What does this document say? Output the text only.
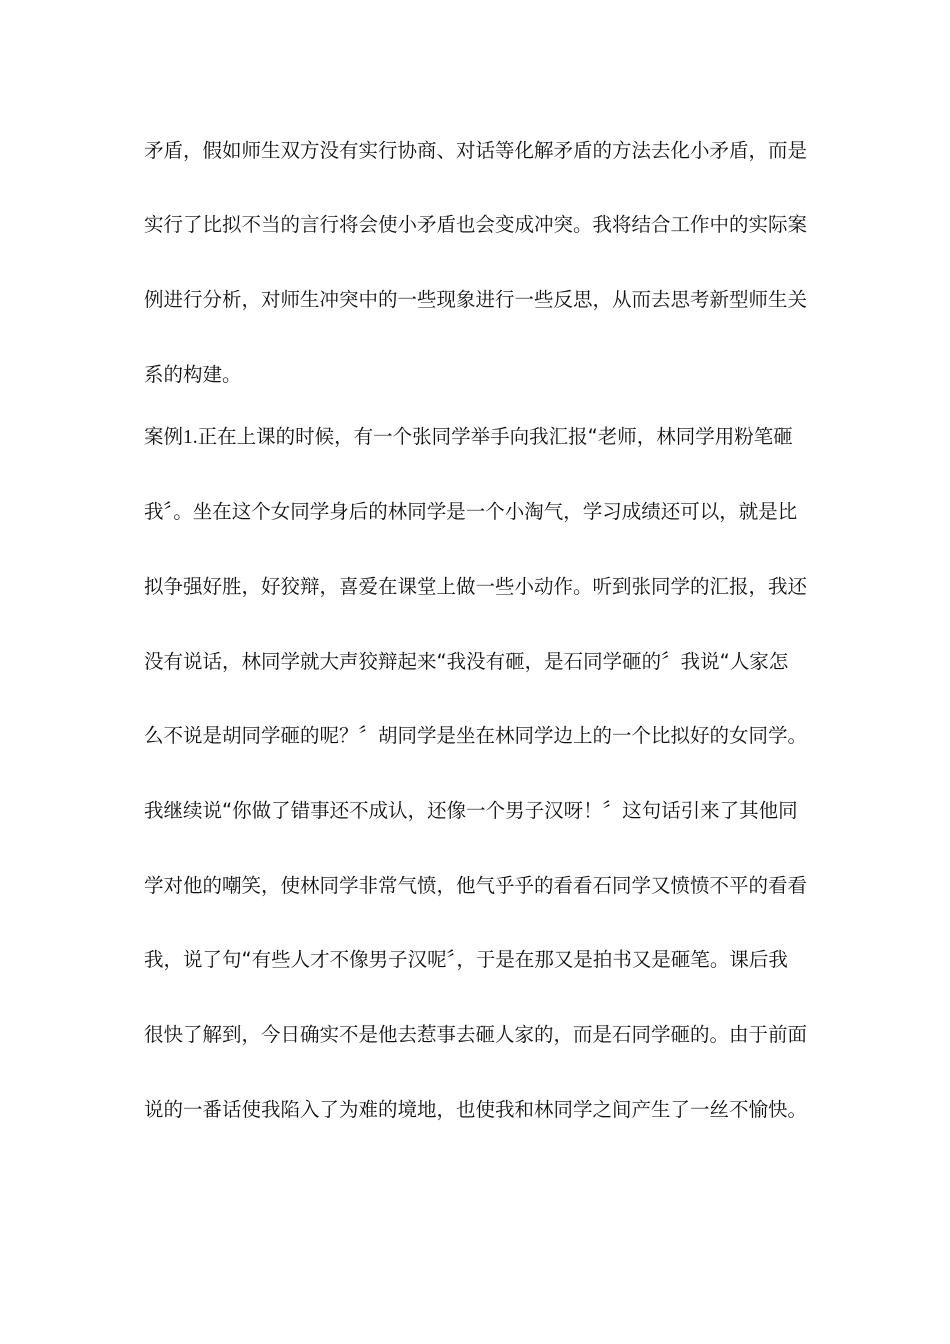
矛盾，假如师生双方没有实行协商、对话等化解矛盾的方法去化小矛盾，而是
实行了比拟不当的言行将会使小矛盾也会变成冲突。我将结合工作中的实际案
例进行分析，对师生冲突中的一些现象进行一些反思，从而去思考新型师生关
系的构建。
案例1.正在上课的时候，有一个张同学举手向我汇报“老师，林同学用粉笔砸
我〞。坐在这个女同学身后的林同学是一个小淘气，学习成绩还可以，就是比
拟争强好胜，好狡辩，喜爱在课堂上做一些小动作。听到张同学的汇报，我还
没有说话，林同学就大声狡辩起来“我没有砸，是石同学砸的〞我说“人家怎
么不说是胡同学砸的呢？〞胡同学是坐在林同学边上的一个比拟好的女同学。
我继续说“你做了错事还不成认，还像一个男子汉呀！〞这句话引来了其他同
学对他的嘲笑，使林同学非常气愤，他气乎乎的看看石同学又愤愤不平的看看
我，说了句“有些人才不像男子汉呢〞，于是在那又是拍书又是砸笔。课后我
很快了解到，今日确实不是他去惹事去砸人家的，而是石同学砸的。由于前面
说的一番话使我陷入了为难的境地，也使我和林同学之间产生了一丝不愉快。
